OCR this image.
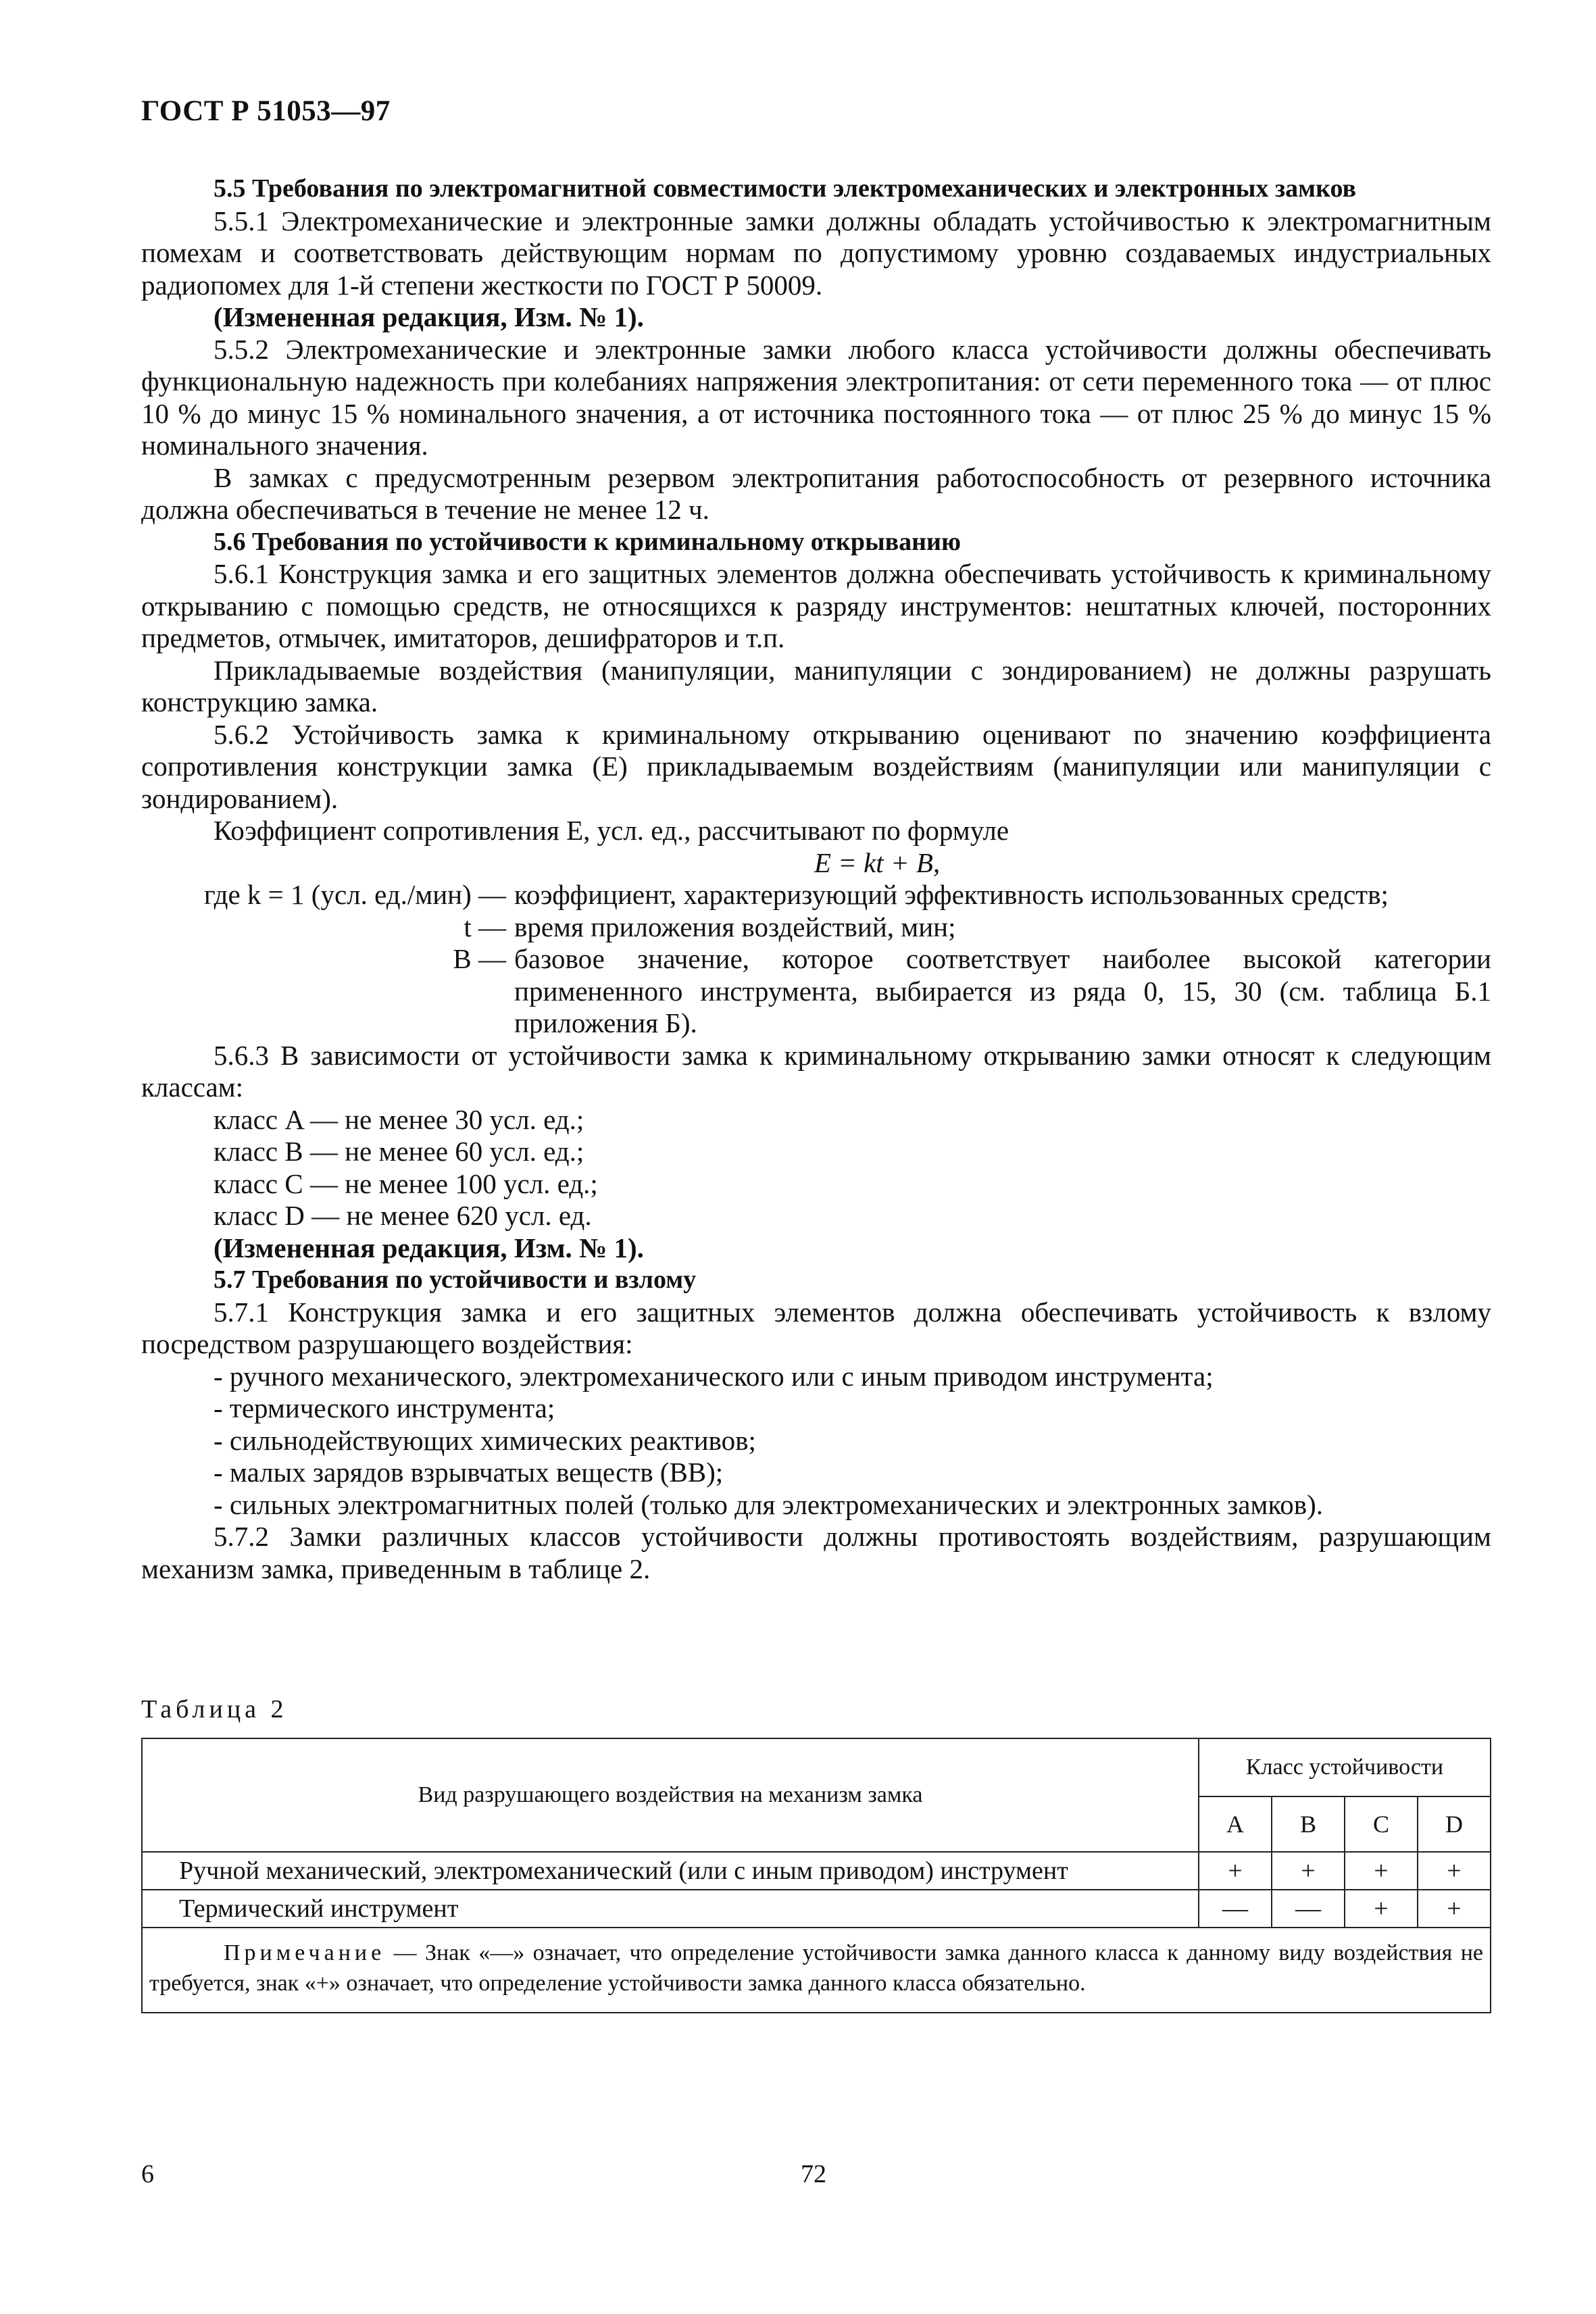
ГОСТ Р 51053—97

5.5 Требования по электромагнитной совместимости электромеханических и электронных замков

5.5.1 Электромеханические и электронные замки должны обладать устойчивостью к электромагнитным помехам и соответствовать действующим нормам по допустимому уровню создаваемых индустриальных радиопомех для 1-й степени жесткости по ГОСТ Р 50009.

(Измененная редакция, Изм. № 1).

5.5.2 Электромеханические и электронные замки любого класса устойчивости должны обеспечивать функциональную надежность при колебаниях напряжения электропитания: от сети переменного тока — от плюс 10 % до минус 15 % номинального значения, а от источника постоянного тока — от плюс 25 % до минус 15 % номинального значения.

В замках с предусмотренным резервом электропитания работоспособность от резервного источника должна обеспечиваться в течение не менее 12 ч.

5.6 Требования по устойчивости к криминальному открыванию

5.6.1 Конструкция замка и его защитных элементов должна обеспечивать устойчивость к криминальному открыванию с помощью средств, не относящихся к разряду инструментов: нештатных ключей, посторонних предметов, отмычек, имитаторов, дешифраторов и т.п.

Прикладываемые воздействия (манипуляции, манипуляции с зондированием) не должны разрушать конструкцию замка.

5.6.2 Устойчивость замка к криминальному открыванию оценивают по значению коэффициента сопротивления конструкции замка (E) прикладываемым воздействиям (манипуляции или манипуляции с зондированием).

Коэффициент сопротивления E, усл. ед., рассчитывают по формуле

E = kt + B,

где k = 1 (усл. ед./мин) — коэффициент, характеризующий эффективность использованных средств;
t — время приложения воздействий, мин;
B — базовое значение, которое соответствует наиболее высокой категории примененного инструмента, выбирается из ряда 0, 15, 30 (см. таблица Б.1 приложения Б).

5.6.3 В зависимости от устойчивости замка к криминальному открыванию замки относят к следующим классам:

класс A — не менее 30 усл. ед.;

класс B — не менее 60 усл. ед.;

класс C — не менее 100 усл. ед.;

класс D — не менее 620 усл. ед.

(Измененная редакция, Изм. № 1).

5.7 Требования по устойчивости и взлому

5.7.1 Конструкция замка и его защитных элементов должна обеспечивать устойчивость к взлому посредством разрушающего воздействия:

- ручного механического, электромеханического или с иным приводом инструмента;

- термического инструмента;

- сильнодействующих химических реактивов;

- малых зарядов взрывчатых веществ (ВВ);

- сильных электромагнитных полей (только для электромеханических и электронных замков).

5.7.2 Замки различных классов устойчивости должны противостоять воздействиям, разрушающим механизм замка, приведенным в таблице 2.

Таблица 2
Вид разрушающего воздействия на механизм замка	Класс устойчивости			
	A	B	C	D
Ручной механический, электромеханический (или с иным приводом) инструмент	+	+	+	+
Термический инструмент	—	—	+	+
Примечание — Знак «—» означает, что определение устойчивости замка данного класса к данному виду воздействия не требуется, знак «+» означает, что определение устойчивости замка данного класса обязательно.				
6	72
